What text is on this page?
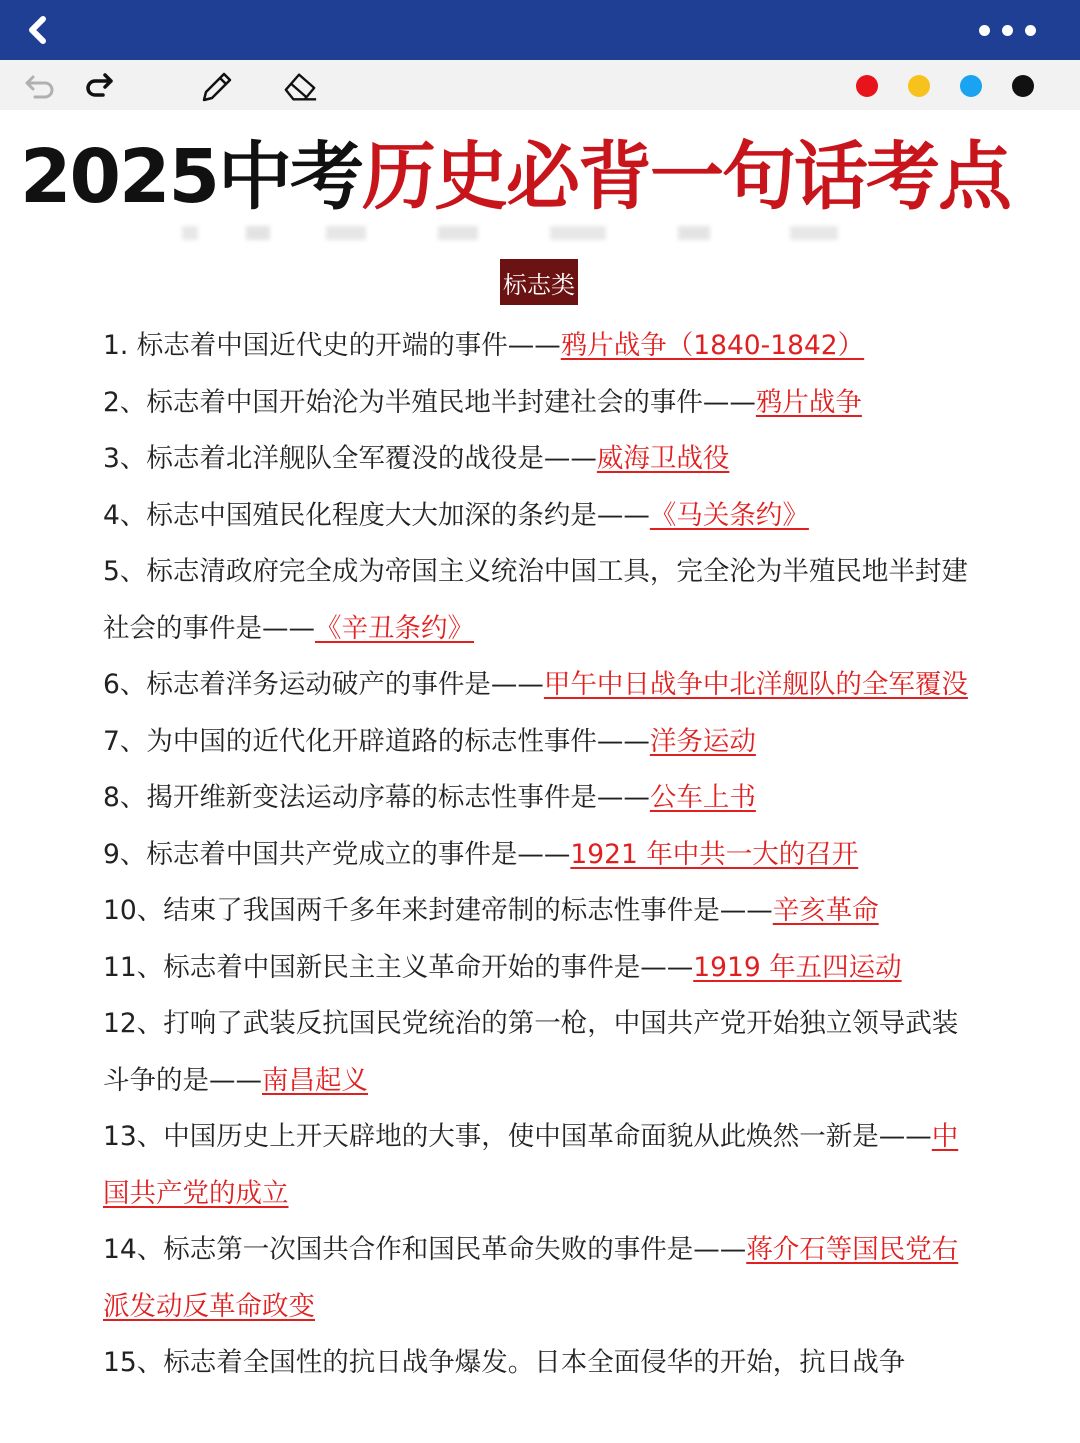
2025中考历史必背一句话考点
标志类
1. 标志着中国近代史的开端的事件——鸦片战争（1840-1842）
2、标志着中国开始沦为半殖民地半封建社会的事件——鸦片战争
3、标志着北洋舰队全军覆没的战役是——威海卫战役
4、标志中国殖民化程度大大加深的条约是——《马关条约》
5、标志清政府完全成为帝国主义统治中国工具，完全沦为半殖民地半封建社会的事件是——《辛丑条约》
6、标志着洋务运动破产的事件是——甲午中日战争中北洋舰队的全军覆没
7、为中国的近代化开辟道路的标志性事件——洋务运动
8、揭开维新变法运动序幕的标志性事件是——公车上书
9、标志着中国共产党成立的事件是——1921 年中共一大的召开
10、结束了我国两千多年来封建帝制的标志性事件是——辛亥革命
11、标志着中国新民主主义革命开始的事件是——1919 年五四运动
12、打响了武装反抗国民党统治的第一枪，中国共产党开始独立领导武装斗争的是——南昌起义
13、中国历史上开天辟地的大事，使中国革命面貌从此焕然一新是——中国共产党的成立
14、标志第一次国共合作和国民革命失败的事件是——蒋介石等国民党右派发动反革命政变
15、标志着全国性的抗日战争爆发。日本全面侵华的开始，抗日战争
